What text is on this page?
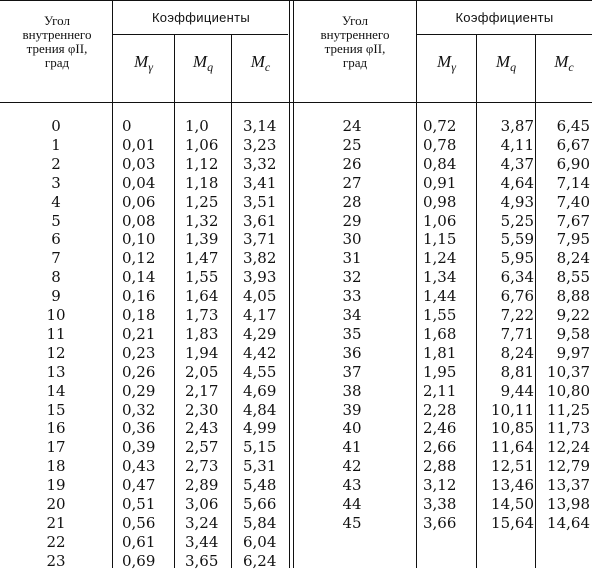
Угол
внутреннего
трения φII,
град
Коэффициенты
$M_\gamma$	$M_q$	$M_c$
Угол
внутреннего
трения φII,
град
Коэффициенты
$M_\gamma$	$M_q$	$M_c$
0	0	1,0 3,14
1	0,01 1,06 3,23
2	0,03 1,12 3,32
3	0,04 1,18 3,41
4	0,06 1,25 3,51
5	0,08 1,32 3,61
6	0,10 1,39 3,71
7	0,12 1,47 3,82
8	0,14 1,55 3,93
9	0,16 1,64 4,05
10	0,18 1,73 4,17
11	0,21 1,83 4,29
12	0,23 1,94 4,42
13	0,26 2,05 4,55
14	0,29 2,17 4,69
15	0,32 2,30 4,84
16	0,36 2,43 4,99
17	0,39 2,57 5,15
18	0,43 2,73 5,31
19	0,47 2,89 5,48
20	0,51 3,06 5,66
21	0,56 3,24 5,84
22	0,61 3,44 6,04
23	0,69 3,65 6,24
24	0,72	3,87	6,45
25	0,78	4,11	6,67
26	0,84	4,37	6,90
27	0,91	4,64	7,14
28	0,98	4,93	7,40
29	1,06	5,25	7,67
30	1,15	5,59	7,95
31	1,24	5,95	8,24
32	1,34	6,34	8,55
33	1,44	6,76	8,88
34	1,55	7,22	9,22
35	1,68	7,71	9,58
36	1,81	8,24	9,97
37	1,95	8,81 10,37
38	2,11	9,44 10,80
39	2,28	10,11 11,25
40	2,46	10,85 11,73
41	2,66	11,64 12,24
42	2,88	12,51 12,79
43	3,12	13,46 13,37
44	3,38	14,50 13,98
45	3,66	15,64 14,64
